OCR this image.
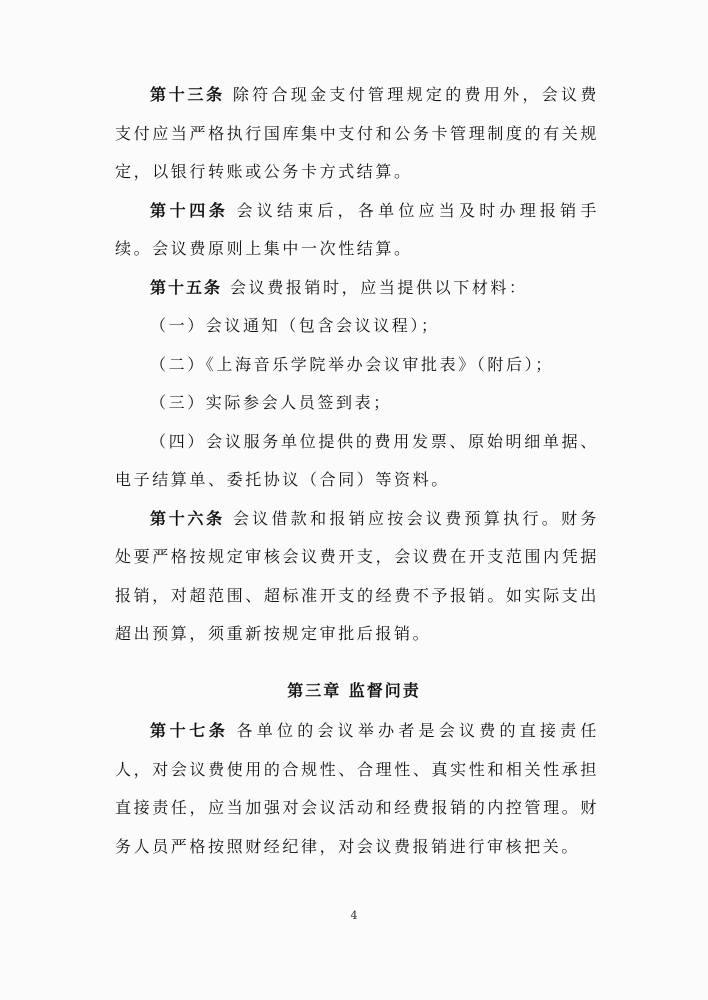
第十三条 除符合现金支付管理规定的费用外，会议费支付应当严格执行国库集中支付和公务卡管理制度的有关规定，以银行转账或公务卡方式结算。

第十四条 会议结束后，各单位应当及时办理报销手续。会议费原则上集中一次性结算。

第十五条 会议费报销时，应当提供以下材料：

（一）会议通知（包含会议议程）；

（二）《上海音乐学院举办会议审批表》（附后）；

（三）实际参会人员签到表；

（四）会议服务单位提供的费用发票、原始明细单据、电子结算单、委托协议（合同）等资料。

第十六条 会议借款和报销应按会议费预算执行。财务处要严格按规定审核会议费开支，会议费在开支范围内凭据报销，对超范围、超标准开支的经费不予报销。如实际支出超出预算，须重新按规定审批后报销。

第三章 监督问责

第十七条 各单位的会议举办者是会议费的直接责任人，对会议费使用的合规性、合理性、真实性和相关性承担直接责任，应当加强对会议活动和经费报销的内控管理。财务人员严格按照财经纪律，对会议费报销进行审核把关。

4
